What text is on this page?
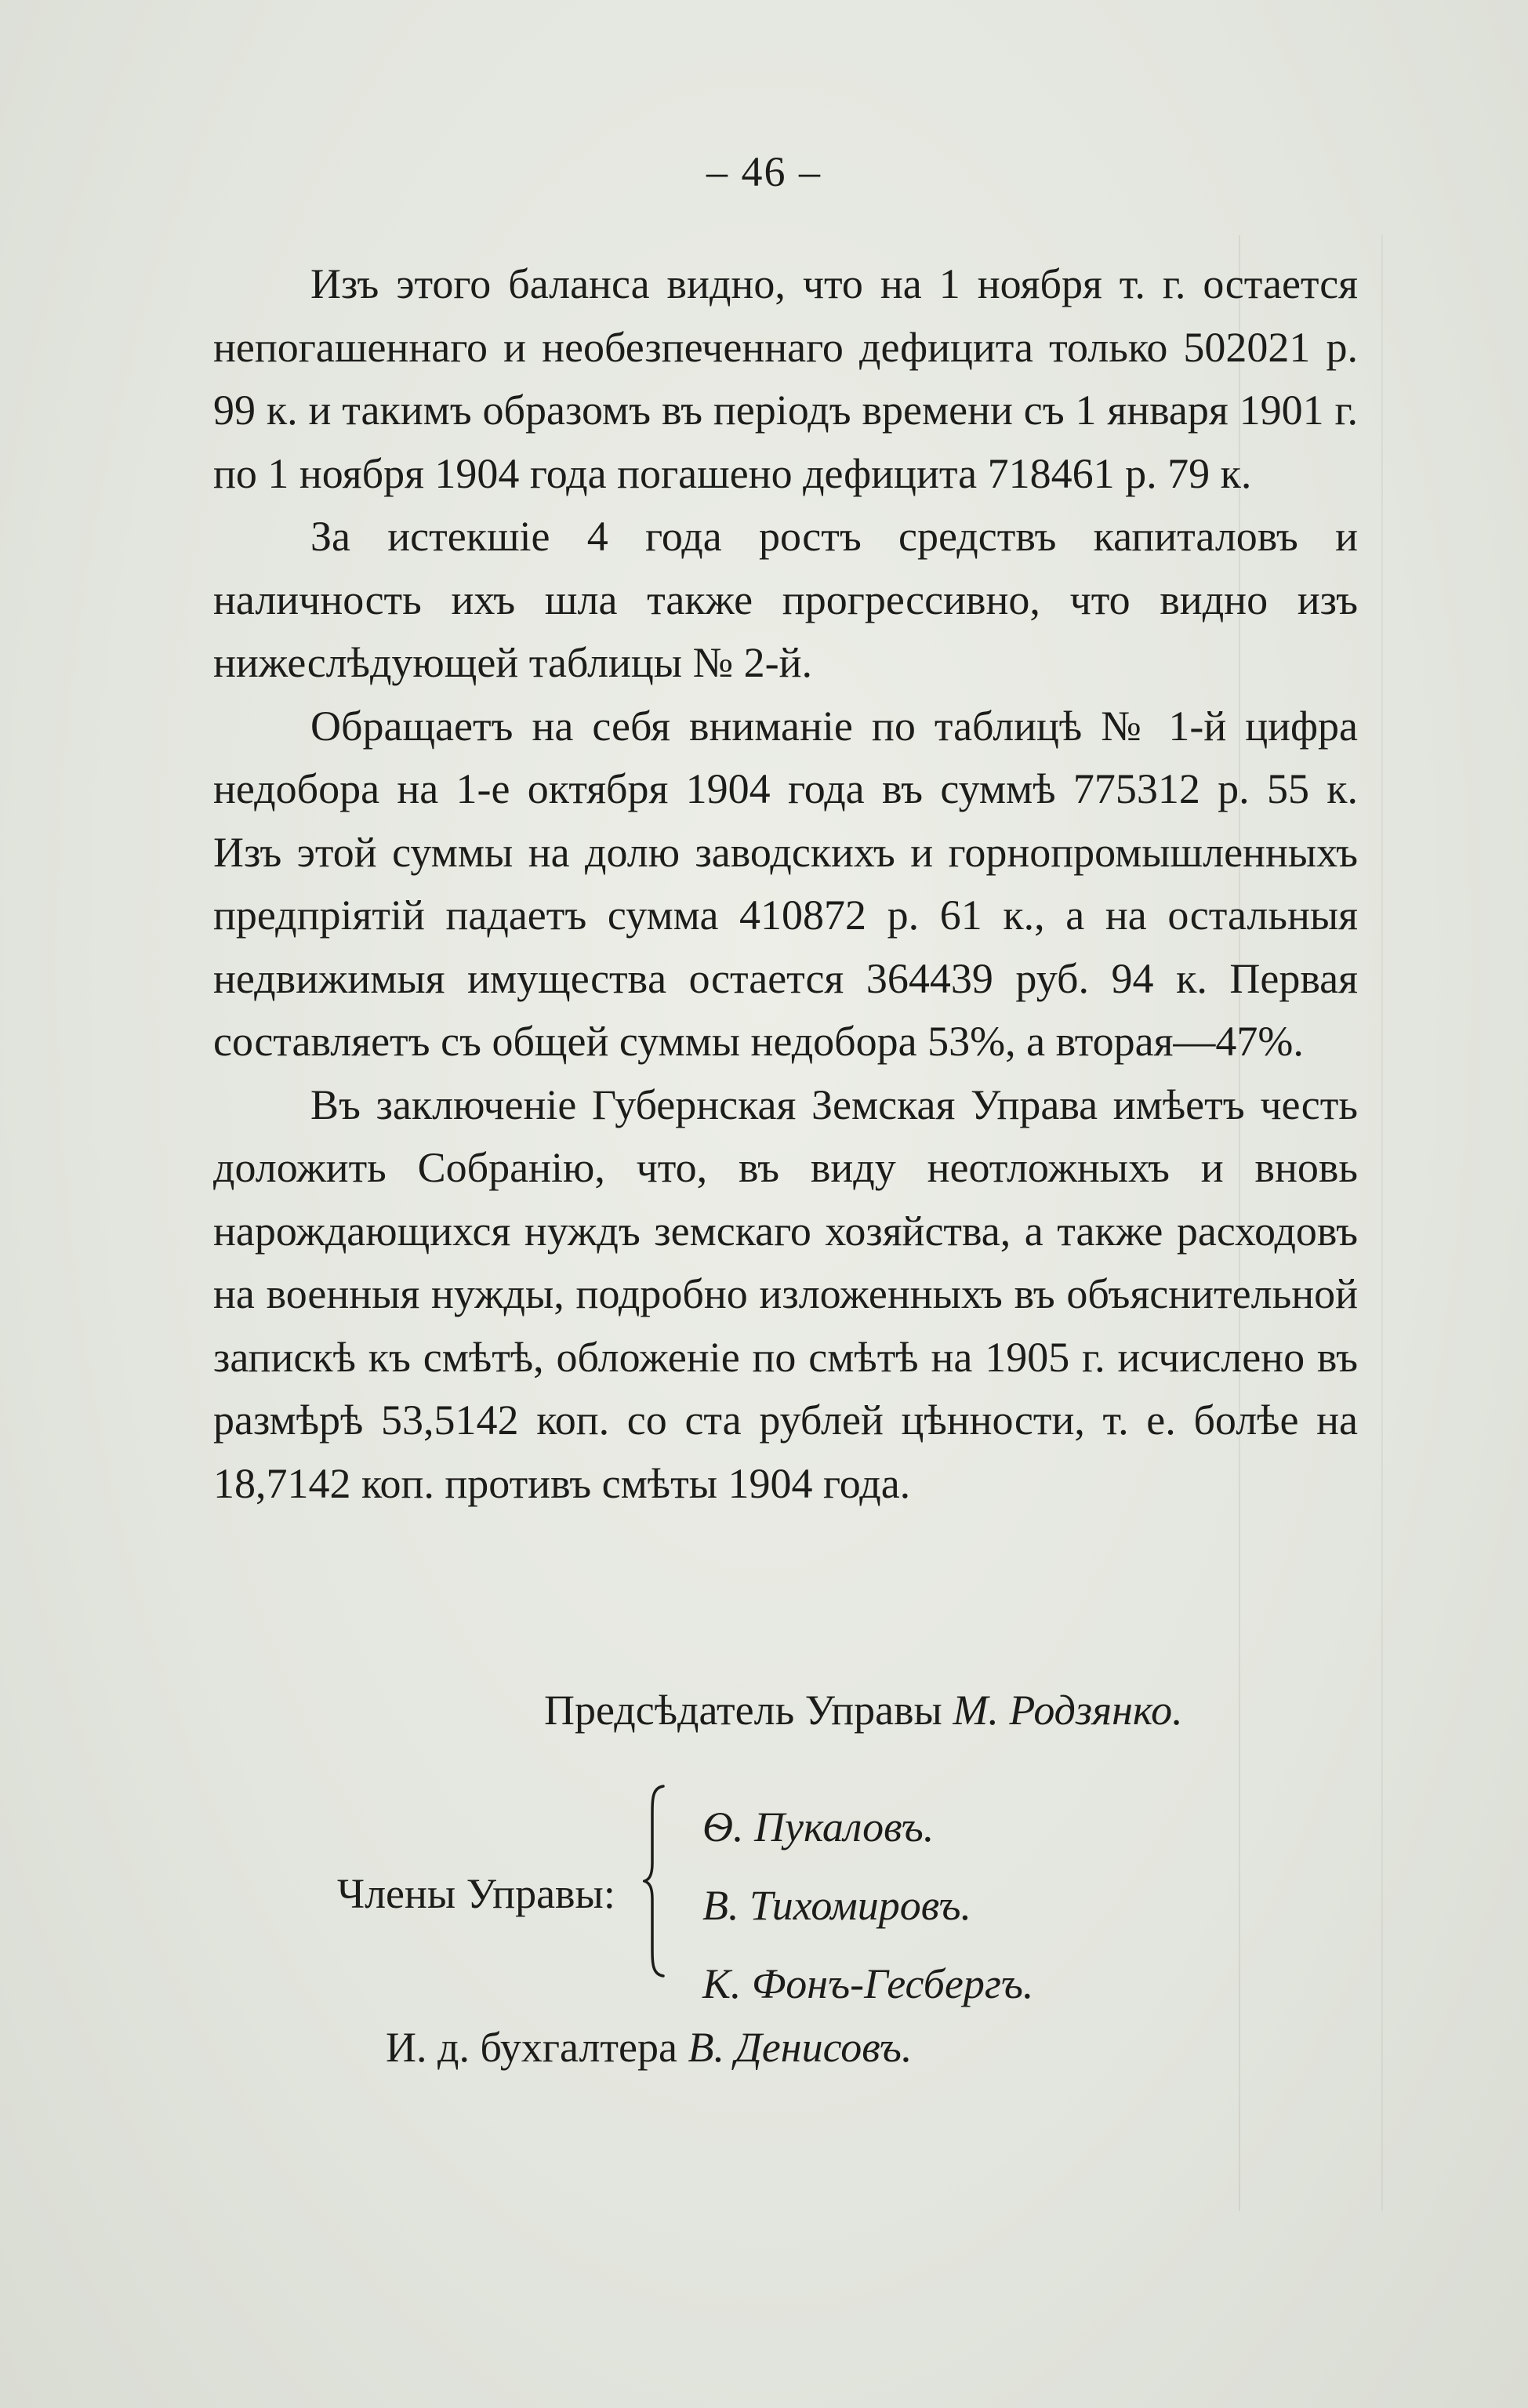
– 46 –

Изъ этого баланса видно, что на 1 ноября т. г. остается непогашеннаго и необезпеченнаго дефицита только 502021 р. 99 к. и такимъ образомъ въ періодъ времени съ 1 января 1901 г. по 1 ноября 1904 года погашено дефицита 718461 р. 79 к.

За истекшіе 4 года ростъ средствъ капиталовъ и наличность ихъ шла также прогрессивно, что видно изъ нижеслѣдующей таблицы № 2-й.

Обращаетъ на себя вниманіе по таблицѣ № 1-й цифра недобора на 1-е октября 1904 года въ суммѣ 775312 р. 55 к. Изъ этой суммы на долю заводскихъ и горнопромышленныхъ предпріятій падаетъ сумма 410872 р. 61 к., а на остальныя недвижимыя имуществa остается 364439 руб. 94 к. Первая составляетъ съ общей суммы недобора 53%, а вторая—47%.

Въ заключеніе Губернская Земская Управа имѣетъ честь доложить Собранію, что, въ виду неотложныхъ и вновь нарождающихся нуждъ земскаго хозяйства, а также расходовъ на военныя нужды, подробно изложенныхъ въ объяснительной запискѣ къ смѣтѣ, обложеніе по смѣтѣ на 1905 г. исчислено въ размѣрѣ 53,5142 коп. со ста рублей цѣнности, т. е. болѣе на 18,7142 коп. противъ смѣты 1904 года.

Предсѣдатель Управы М. Родзянко.
Члены Управы:
Ѳ. Пукаловъ.
В. Тихомировъ.
К. Фонъ-Гесбергъ.
И. д. бухгалтера В. Денисовъ.
